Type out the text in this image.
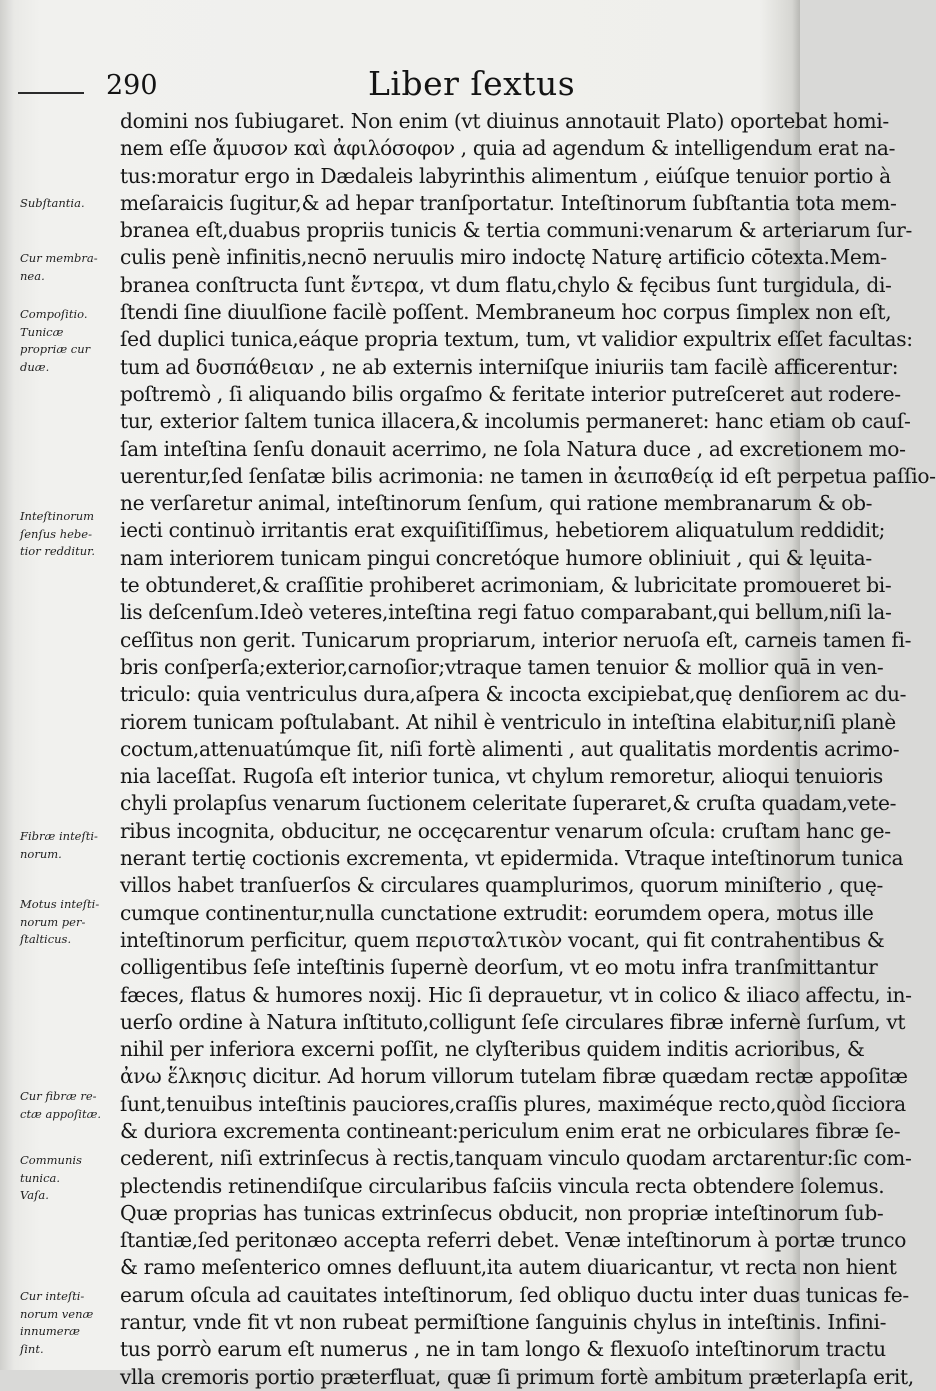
290	Liber ſextus
domini nos ſubiugaret. Non enim (vt diuinus annotauit Plato) oportebat homi-
nem eſſe ἄμυσον καὶ ἀφιλόσοφον , quia ad agendum & intelligendum erat na-
tus:moratur ergo in Dædaleis labyrinthis alimentum , eiúſque tenuior portio à
meſaraicis ſugitur,& ad hepar tranſportatur. Inteſtinorum ſubſtantia tota mem-
branea eſt,duabus propriis tunicis & tertia communi:venarum & arteriarum ſur-
culis penè infinitis,necnō neruulis miro indoctę Naturę artificio cōtexta.Mem-
branea conſtructa ſunt ἔντερα, vt dum flatu,chylo & fęcibus ſunt turgidula, di-
ſtendi ſine diuulſione facilè poſſent. Membraneum hoc corpus ſimplex non eſt,
ſed duplici tunica,eáque propria textum, tum, vt validior expultrix eſſet facultas:
tum ad δυσπάθειαν , ne ab externis interniſque iniuriis tam facilè afficerentur:
poſtremò , ſi aliquando bilis orgaſmo & feritate interior putreſceret aut rodere-
tur, exterior ſaltem tunica illacera,& incolumis permaneret: hanc etiam ob cauſ-
ſam inteſtina ſenſu donauit acerrimo, ne ſola Natura duce , ad excretionem mo-
uerentur,ſed ſenſatæ bilis acrimonia: ne tamen in ἀειπαθείᾳ id eſt perpetua paſſio-
ne verſaretur animal, inteſtinorum ſenſum, qui ratione membranarum & ob-
iecti continuò irritantis erat exquiſitiſſimus, hebetiorem aliquatulum reddidit;
nam interiorem tunicam pingui concretóque humore obliniuit , qui & lęuita-
te obtunderet,& craſſitie prohiberet acrimoniam, & lubricitate promoueret bi-
lis deſcenſum.Ideò veteres,inteſtina regi fatuo comparabant,qui bellum,niſi la-
ceſſitus non gerit. Tunicarum propriarum, interior neruoſa eſt, carneis tamen fi-
bris conſperſa;exterior,carnoſior;vtraque tamen tenuior & mollior quā in ven-
triculo: quia ventriculus dura,aſpera & incocta excipiebat,quę denſiorem ac du-
riorem tunicam poſtulabant. At nihil è ventriculo in inteſtina elabitur,niſi planè
coctum,attenuatúmque ſit, niſi fortè alimenti , aut qualitatis mordentis acrimo-
nia laceſſat. Rugoſa eſt interior tunica, vt chylum remoretur, alioqui tenuioris
chyli prolapſus venarum ſuctionem celeritate ſuperaret,& cruſta quadam,vete-
ribus incognita, obducitur, ne occęcarentur venarum oſcula: cruſtam hanc ge-
nerant tertię coctionis excrementa, vt epidermida. Vtraque inteſtinorum tunica
villos habet tranſuerſos & circulares quamplurimos, quorum miniſterio , quę-
cumque continentur,nulla cunctatione extrudit: eorumdem opera, motus ille
inteſtinorum perficitur, quem περισταλτικὸν vocant, qui fit contrahentibus &
colligentibus ſeſe inteſtinis ſupernè deorſum, vt eo motu infra tranſmittantur
fæces, flatus & humores noxij. Hic ſi deprauetur, vt in colico & iliaco affectu, in-
uerſo ordine à Natura inſtituto,colligunt ſeſe circulares fibræ infernè ſurſum, vt
nihil per inferiora excerni poſſit, ne clyſteribus quidem inditis acrioribus, &
ἀνω ἕλκησις dicitur. Ad horum villorum tutelam fibræ quædam rectæ appoſitæ
ſunt,tenuibus inteſtinis pauciores,craſſis plures, maximéque recto,quòd ſicciora
& duriora excrementa contineant:periculum enim erat ne orbiculares fibræ ſe-
cederent, niſi extrinſecus à rectis,tanquam vinculo quodam arctarentur:ſic com-
plectendis retinendiſque circularibus faſciis vincula recta obtendere ſolemus.
Quæ proprias has tunicas extrinſecus obducit, non propriæ inteſtinorum ſub-
ſtantiæ,ſed peritonæo accepta referri debet. Venæ inteſtinorum à portæ trunco
& ramo meſenterico omnes defluunt,ita autem diuaricantur, vt recta non hient
earum oſcula ad cauitates inteſtinorum, ſed obliquo ductu inter duas tunicas fe-
rantur, vnde fit vt non rubeat permiſtione ſanguinis chylus in inteſtinis. Infini-
tus porrò earum eſt numerus , ne in tam longo & flexuoſo inteſtinorum tractu
vlla cremoris portio præterfluat, quæ ſi primum fortè ambitum præterlapſa erit,
Subſtantia.
Cur membra-
nea.
Compoſitio.
Tunicæ
propriæ cur
duæ.
Inteſtinorum
ſenſus hebe-
tior redditur.
Fibræ inteſti-
norum.
Motus inteſti-
norum per-
ſtalticus.
Cur fibræ re-
ctæ appoſitæ.
Communis
tunica.
Vaſa.
Cur inteſti-
norum venæ
innumeræ
ſint.
